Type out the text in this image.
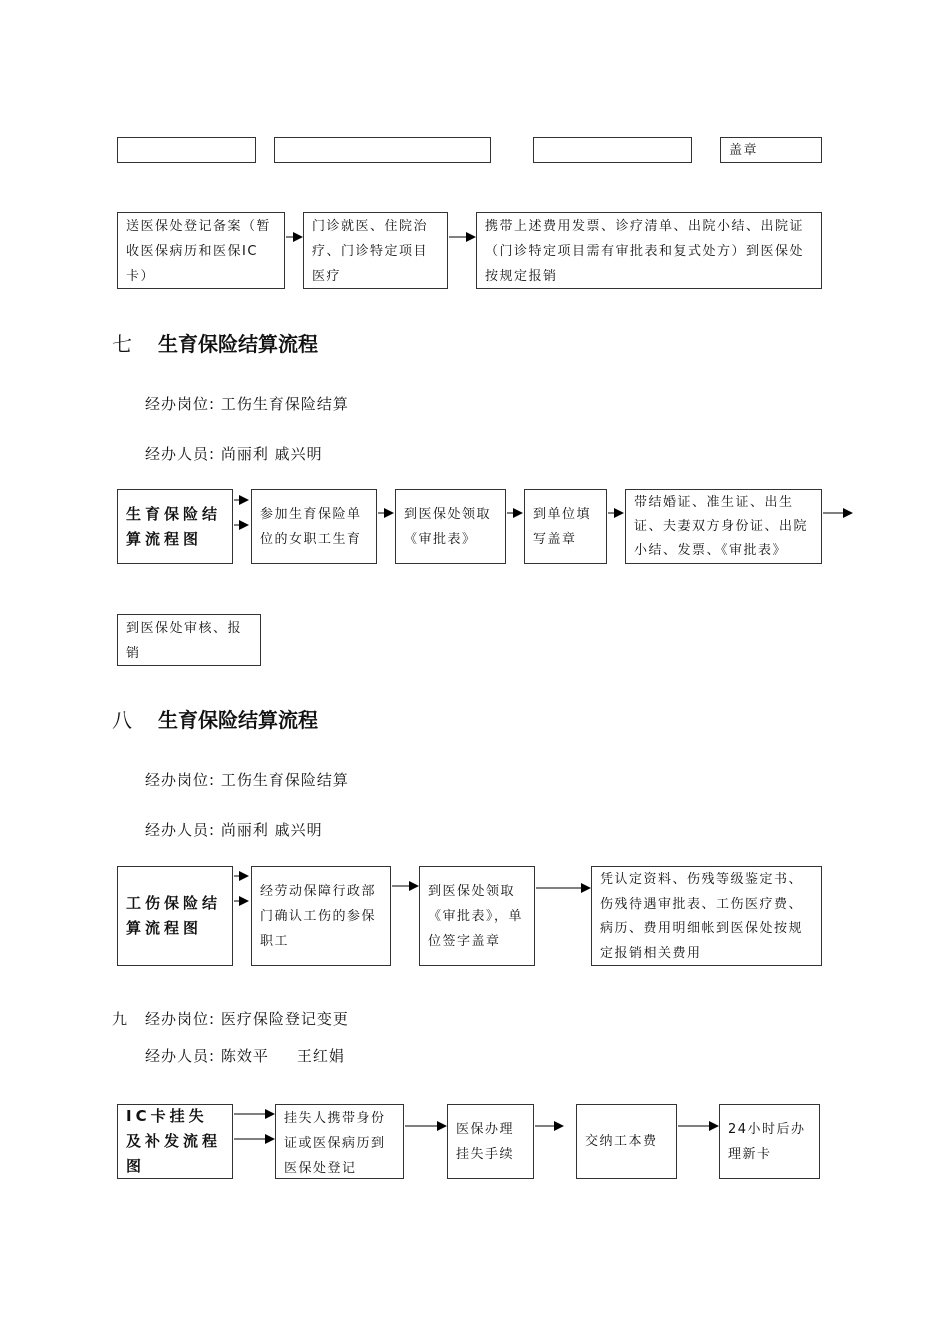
盖章
送医保处登记备案（暂收医保病历和医保IC卡）
门诊就医、住院治疗、门诊特定项目医疗
携带上述费用发票、诊疗清单、出院小结、出院证（门诊特定项目需有审批表和复式处方）到医保处按规定报销
七 生育保险结算流程
经办岗位: 工伤生育保险结算
经办人员: 尚丽利 戚兴明
生育保险结算流程图
参加生育保险单位的女职工生育
到医保处领取《审批表》
到单位填写盖章
带结婚证、准生证、出生证、夫妻双方身份证、出院小结、发票、《审批表》
到医保处审核、报销
八 生育保险结算流程
经办岗位: 工伤生育保险结算
经办人员: 尚丽利 戚兴明
工伤保险结算流程图
经劳动保障行政部门确认工伤的参保职工
到医保处领取《审批表》，单位签字盖章
凭认定资料、伤残等级鉴定书、伤残待遇审批表、工伤医疗费、病历、费用明细帐到医保处按规定报销相关费用
九 经办岗位: 医疗保险登记变更
经办人员: 陈效平 王红娟
IC卡挂失及补发流程图
挂失人携带身份证或医保病历到医保处登记
医保办理挂失手续
交纳工本费
24小时后办理新卡
